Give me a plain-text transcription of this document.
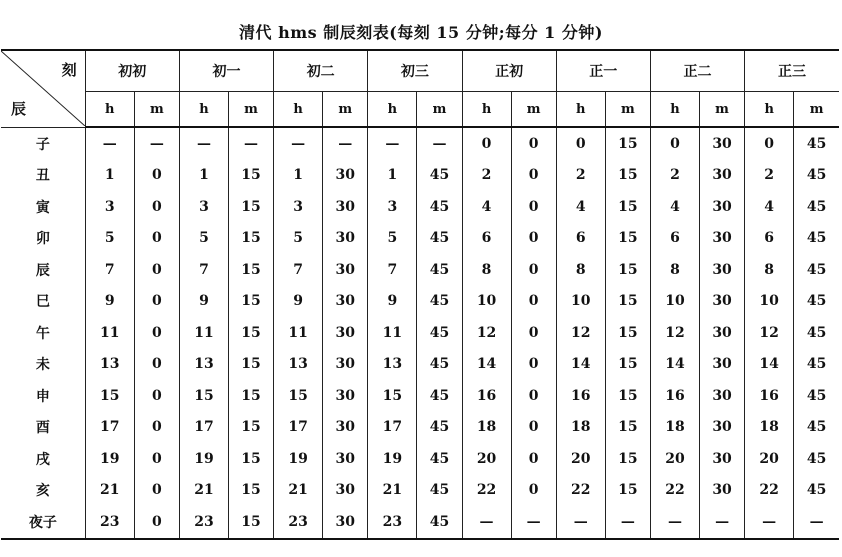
清代 hms 制辰刻表(每刻 15 分钟;每分 1 分钟)
刻
辰	初初		初一		初二		初三		正初		正一		正二		正三	
	h	m	h	m	h	m	h	m	h	m	h	m	h	m	h	m
子	—	—	—	—	—	—	—	—	0	0	0	15	0	30	0	45
丑	1	0	1	15	1	30	1	45	2	0	2	15	2	30	2	45
寅	3	0	3	15	3	30	3	45	4	0	4	15	4	30	4	45
卯	5	0	5	15	5	30	5	45	6	0	6	15	6	30	6	45
辰	7	0	7	15	7	30	7	45	8	0	8	15	8	30	8	45
巳	9	0	9	15	9	30	9	45	10	0	10	15	10	30	10	45
午	11	0	11	15	11	30	11	45	12	0	12	15	12	30	12	45
未	13	0	13	15	13	30	13	45	14	0	14	15	14	30	14	45
申	15	0	15	15	15	30	15	45	16	0	16	15	16	30	16	45
酉	17	0	17	15	17	30	17	45	18	0	18	15	18	30	18	45
戌	19	0	19	15	19	30	19	45	20	0	20	15	20	30	20	45
亥	21	0	21	15	21	30	21	45	22	0	22	15	22	30	22	45
夜子	23	0	23	15	23	30	23	45	—	—	—	—	—	—	—	—
